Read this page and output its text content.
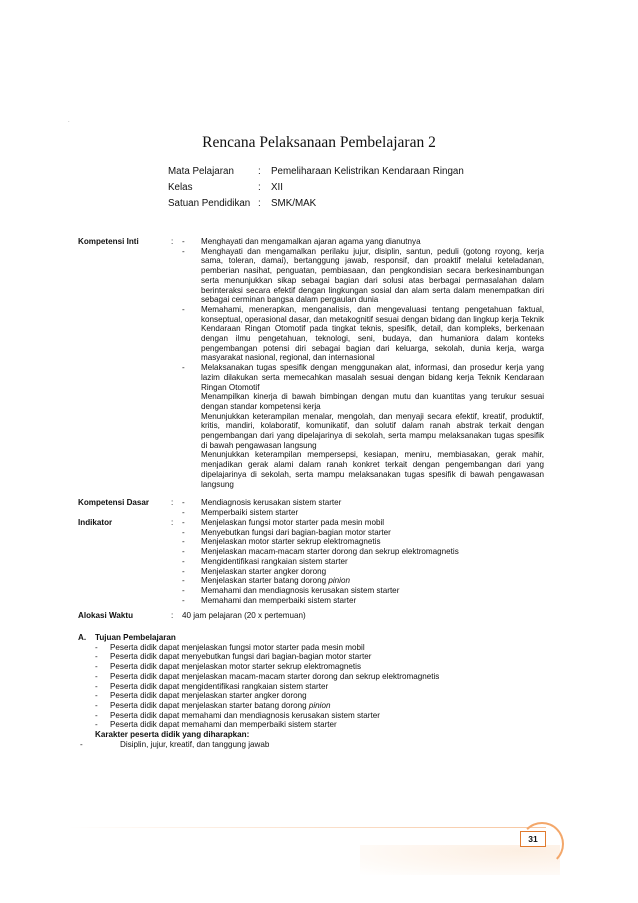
.
Rencana Pelaksanaan Pembelajaran 2
Mata Pelajaran	:	Pemeliharaan Kelistrikan Kendaraan Ringan
Kelas	:	XII
Satuan Pendidikan :	SMK/MAK
Kompetensi Inti	: -	Menghayati dan mengamalkan ajaran agama yang dianutnya
-	Menghayati dan mengamalkan perilaku jujur, disiplin, santun, peduli (gotong royong, kerja sama, toleran, damai), bertanggung jawab, responsif, dan proaktif melalui keteladanan, pemberian nasihat, penguatan, pembiasaan, dan pengkondisian secara berkesinambungan serta menunjukkan sikap sebagai bagian dari solusi atas berbagai permasalahan dalam berinteraksi secara efektif dengan lingkungan sosial dan alam serta dalam menempatkan diri sebagai cerminan bangsa dalam pergaulan dunia
-	Memahami, menerapkan, menganalisis, dan mengevaluasi tentang pengetahuan faktual, konseptual, operasional dasar, dan metakognitif sesuai dengan bidang dan lingkup kerja Teknik Kendaraan Ringan Otomotif pada tingkat teknis, spesifik, detail, dan kompleks, berkenaan dengan ilmu pengetahuan, teknologi, seni, budaya, dan humaniora dalam konteks pengembangan potensi diri sebagai bagian dari keluarga, sekolah, dunia kerja, warga masyarakat nasional, regional, dan internasional
-	Melaksanakan tugas spesifik dengan menggunakan alat, informasi, dan prosedur kerja yang lazim dilakukan serta memecahkan masalah sesuai dengan bidang kerja Teknik Kendaraan Ringan Otomotif
Menampilkan kinerja di bawah bimbingan dengan mutu dan kuantitas yang terukur sesuai dengan standar kompetensi kerja
Menunjukkan keterampilan menalar, mengolah, dan menyaji secara efektif, kreatif, produktif, kritis, mandiri, kolaboratif, komunikatif, dan solutif dalam ranah abstrak terkait dengan pengembangan dari yang dipelajarinya di sekolah, serta mampu melaksanakan tugas spesifik di bawah pengawasan langsung
Menunjukkan keterampilan mempersepsi, kesiapan, meniru, membiasakan, gerak mahir, menjadikan gerak alami dalam ranah konkret terkait dengan pengembangan dari yang dipelajarinya di sekolah, serta mampu melaksanakan tugas spesifik di bawah pengawasan langsung
Kompetensi Dasar	: -	Mendiagnosis kerusakan sistem starter
-	Memperbaiki sistem starter
Indikator	: -	Menjelaskan fungsi motor starter pada mesin mobil
-	Menyebutkan fungsi dari bagian-bagian motor starter
-	Menjelaskan motor starter sekrup elektromagnetis
-	Menjelaskan macam-macam starter dorong dan sekrup elektromagnetis
-	Mengidentifikasi rangkaian sistem starter
-	Menjelaskan starter angker dorong
-	Menjelaskan starter batang dorong pinion
-	Memahami dan mendiagnosis kerusakan sistem starter
-	Memahami dan memperbaiki sistem starter
Alokasi Waktu	: 40 jam pelajaran (20 x pertemuan)
A.	Tujuan Pembelajaran
-	Peserta didik dapat menjelaskan fungsi motor starter pada mesin mobil
-	Peserta didik dapat menyebutkan fungsi dari bagian-bagian motor starter
-	Peserta didik dapat menjelaskan motor starter sekrup elektromagnetis
-	Peserta didik dapat menjelaskan macam-macam starter dorong dan sekrup elektromagnetis
-	Peserta didik dapat mengidentifikasi rangkaian sistem starter
-	Peserta didik dapat menjelaskan starter angker dorong
-	Peserta didik dapat menjelaskan starter batang dorong pinion
-	Peserta didik dapat memahami dan mendiagnosis kerusakan sistem starter
-	Peserta didik dapat memahami dan memperbaiki sistem starter
Karakter peserta didik yang diharapkan:
-	Disiplin, jujur, kreatif, dan tanggung jawab
31
